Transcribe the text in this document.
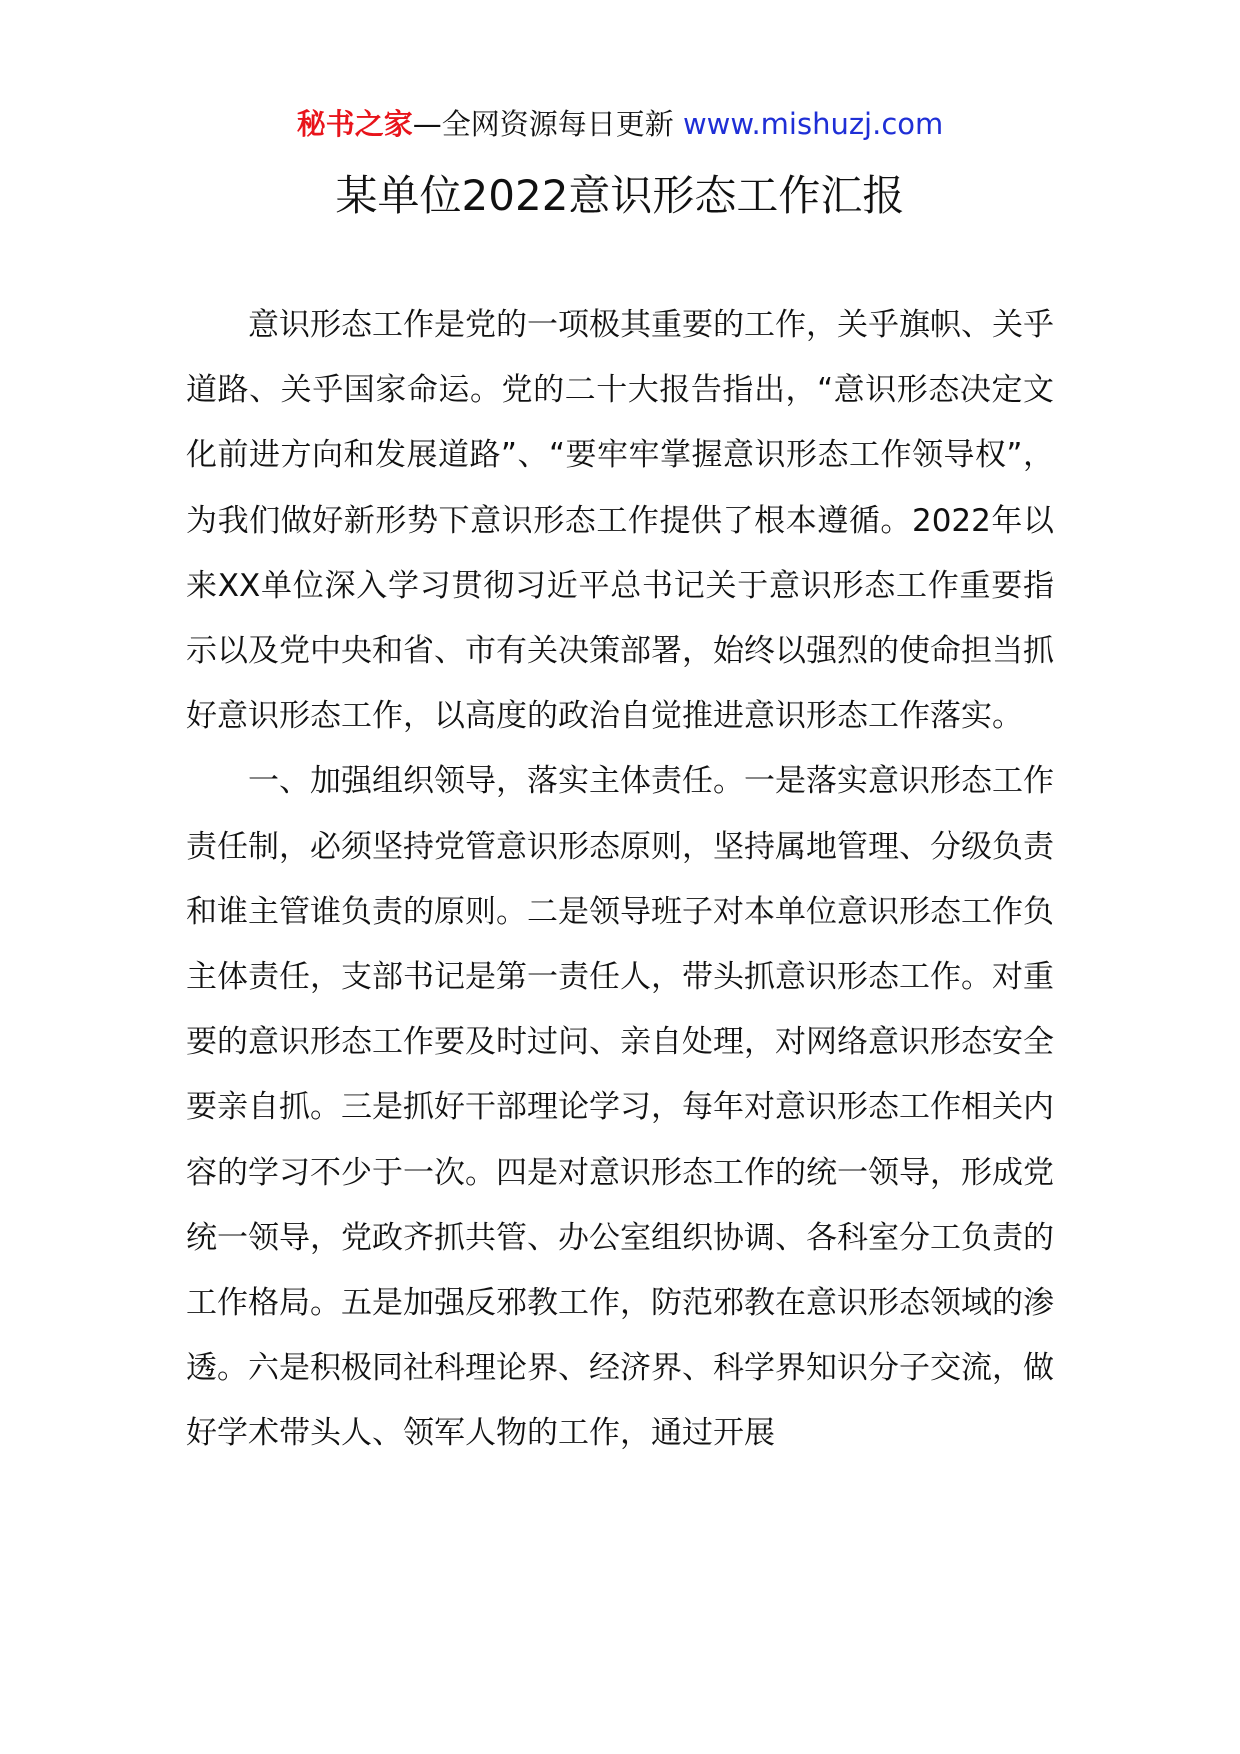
秘书之家—全网资源每日更新 www.mishuzj.com
某单位2022意识形态工作汇报

意识形态工作是党的一项极其重要的工作，关乎旗帜、关乎道路、关乎国家命运。党的二十大报告指出，“意识形态决定文化前进方向和发展道路”、“要牢牢掌握意识形态工作领导权”，为我们做好新形势下意识形态工作提供了根本遵循。2022年以来XX单位深入学习贯彻习近平总书记关于意识形态工作重要指示以及党中央和省、市有关决策部署，始终以强烈的使命担当抓好意识形态工作，以高度的政治自觉推进意识形态工作落实。

一、加强组织领导，落实主体责任。一是落实意识形态工作责任制，必须坚持党管意识形态原则，坚持属地管理、分级负责和谁主管谁负责的原则。二是领导班子对本单位意识形态工作负主体责任，支部书记是第一责任人，带头抓意识形态工作。对重要的意识形态工作要及时过问、亲自处理，对网络意识形态安全要亲自抓。三是抓好干部理论学习，每年对意识形态工作相关内容的学习不少于一次。四是对意识形态工作的统一领导，形成党统一领导，党政齐抓共管、办公室组织协调、各科室分工负责的工作格局。五是加强反邪教工作，防范邪教在意识形态领域的渗透。六是积极同社科理论界、经济界、科学界知识分子交流，做好学术带头人、领军人物的工作，通过开展
